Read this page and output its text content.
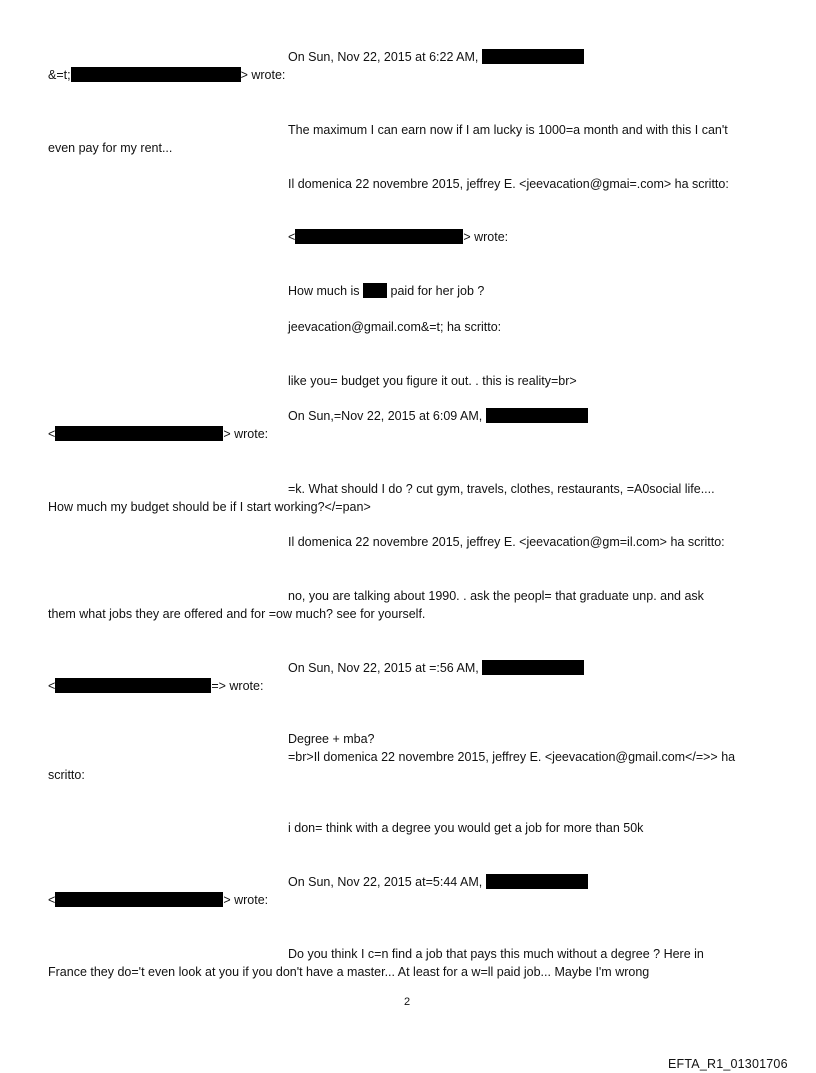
On Sun, Nov 22, 2015 at 6:22 AM,
&=t;	> wrote:
The maximum I can earn now if I am lucky is 1000=a month and with this I can't
even pay for my rent...
Il domenica 22 novembre 2015, jeffrey E. <jeevacation@gmai=.com> ha scritto:
<	> wrote:
How much is paid for her job ?
jeevacation@gmail.com&=t; ha scritto:
like you= budget you figure it out. . this is reality=br>
On Sun,=Nov 22, 2015 at 6:09 AM,
<	> wrote:
=k. What should I do ? cut gym, travels, clothes, restaurants, =A0social life....
How much my budget should be if I start working?</=pan>
Il domenica 22 novembre 2015, jeffrey E. <jeevacation@gm=il.com> ha scritto:
no, you are talking about 1990. . ask the peopl= that graduate unp. and ask
them what jobs they are offered and for =ow much? see for yourself.
On Sun, Nov 22, 2015 at =:56 AM,
<	=> wrote:
Degree + mba?
=br>Il domenica 22 novembre 2015, jeffrey E. <jeevacation@gmail.com</=>> ha
scritto:
i don= think with a degree you would get a job for more than 50k
On Sun, Nov 22, 2015 at=5:44 AM,
<	> wrote:
Do you think I c=n find a job that pays this much without a degree ? Here in
France they do='t even look at you if you don't have a master... At least for a w=ll paid job... Maybe I'm wrong
2
EFTA_R1_01301706
